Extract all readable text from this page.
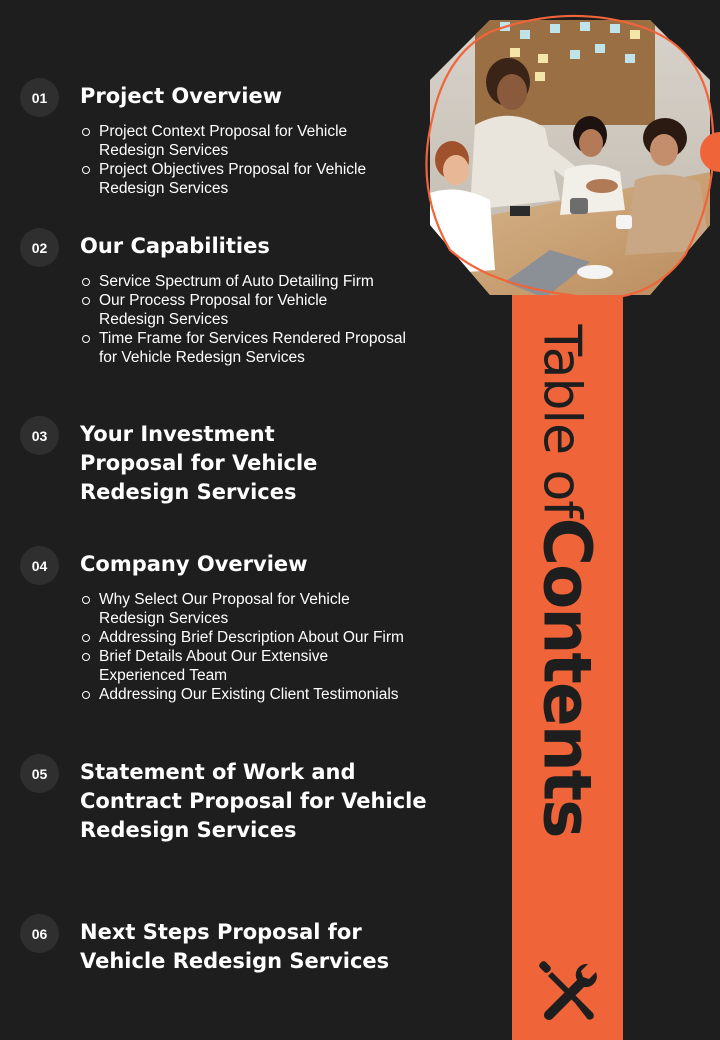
01	Project Overview
Project Context Proposal for Vehicle
Redesign Services
Project Objectives Proposal for Vehicle
Redesign Services
02	Our Capabilities
Service Spectrum of Auto Detailing Firm
Our Process Proposal for Vehicle
Redesign Services
Time Frame for Services Rendered Proposal
for Vehicle Redesign Services
03	Your Investment
Proposal for Vehicle
Redesign Services
04	Company Overview
Why Select Our Proposal for Vehicle
Redesign Services
Addressing Brief Description About Our Firm
Brief Details About Our Extensive
Experienced Team
Addressing Our Existing Client Testimonials
05	Statement of Work and
Contract Proposal for Vehicle
Redesign Services
06	Next Steps Proposal for
Vehicle Redesign Services
Table ofContents
